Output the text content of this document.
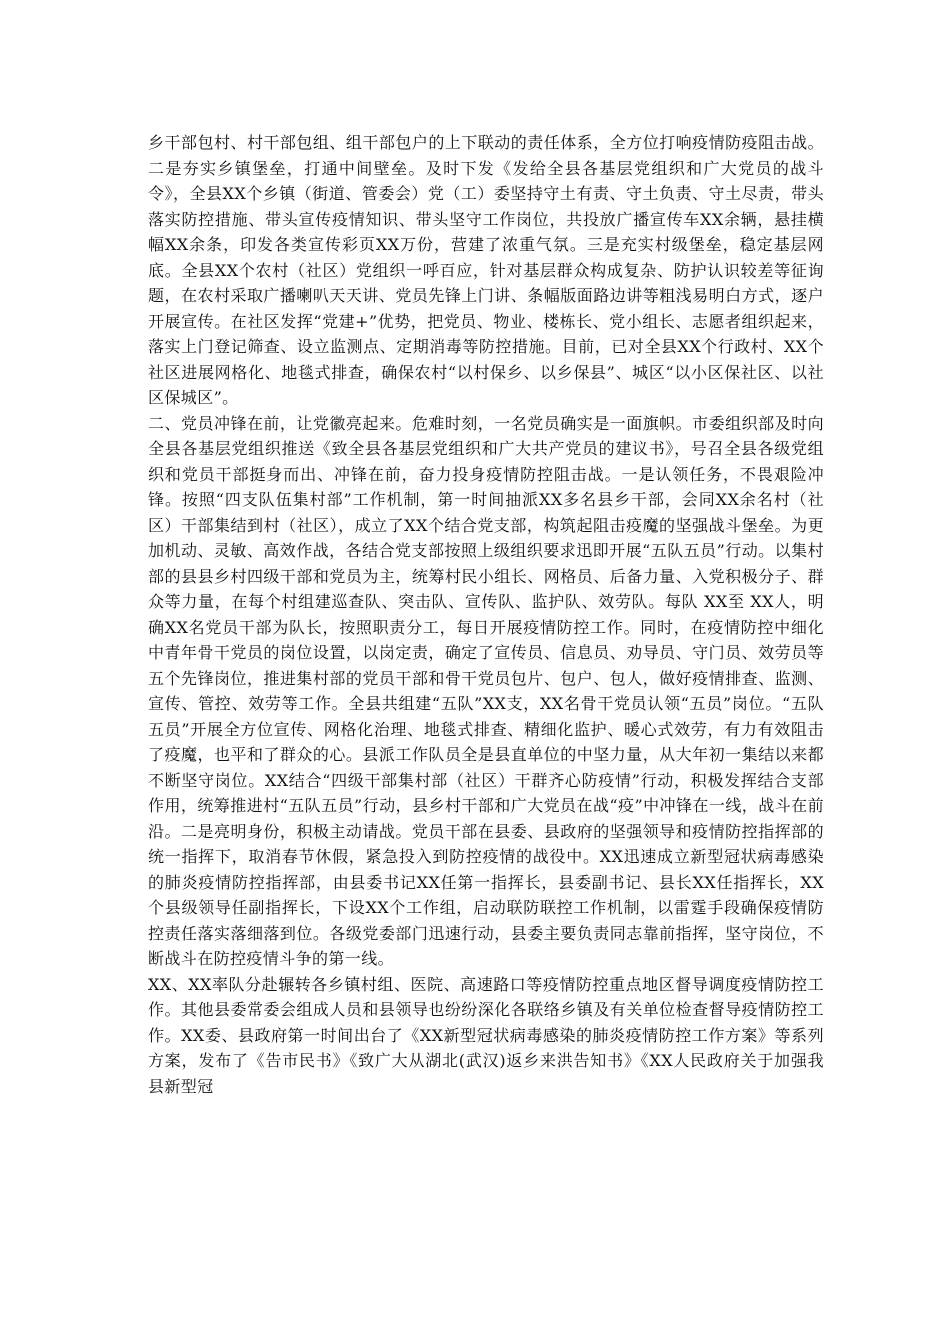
乡干部包村、村干部包组、组干部包户的上下联动的责任体系，全方位打响疫情防疫阻击战。二是夯实乡镇堡垒，打通中间壁垒。及时下发《发给全县各基层党组织和广大党员的战斗令》，全县XX个乡镇（街道、管委会）党（工）委坚持守土有责、守土负责、守土尽责，带头落实防控措施、带头宣传疫情知识、带头坚守工作岗位，共投放广播宣传车XX余辆，悬挂横幅XX余条，印发各类宣传彩页XX万份，营建了浓重气氛。三是充实村级堡垒，稳定基层网底。全县XX个农村（社区）党组织一呼百应，针对基层群众构成复杂、防护认识较差等征询题，在农村采取广播喇叭天天讲、党员先锋上门讲、条幅版面路边讲等粗浅易明白方式，逐户开展宣传。在社区发挥“党建+”优势，把党员、物业、楼栋长、党小组长、志愿者组织起来，落实上门登记筛查、设立监测点、定期消毒等防控措施。目前，已对全县XX个行政村、XX个社区进展网格化、地毯式排查，确保农村“以村保乡、以乡保县”、城区“以小区保社区、以社区保城区”。

二、党员冲锋在前，让党徽亮起来。危难时刻，一名党员确实是一面旗帜。市委组织部及时向全县各基层党组织推送《致全县各基层党组织和广大共产党员的建议书》，号召全县各级党组织和党员干部挺身而出、冲锋在前，奋力投身疫情防控阻击战。一是认领任务，不畏艰险冲锋。按照“四支队伍集村部”工作机制，第一时间抽派XX多名县乡干部，会同XX余名村（社区）干部集结到村（社区），成立了XX个结合党支部，构筑起阻击疫魔的坚强战斗堡垒。为更加机动、灵敏、高效作战，各结合党支部按照上级组织要求迅即开展“五队五员”行动。以集村部的县县乡村四级干部和党员为主，统筹村民小组长、网格员、后备力量、入党积极分子、群众等力量，在每个村组建巡查队、突击队、宣传队、监护队、效劳队。每队 XX至 XX人，明确XX名党员干部为队长，按照职责分工，每日开展疫情防控工作。同时，在疫情防控中细化中青年骨干党员的岗位设置，以岗定责，确定了宣传员、信息员、劝导员、守门员、效劳员等五个先锋岗位，推进集村部的党员干部和骨干党员包片、包户、包人，做好疫情排查、监测、宣传、管控、效劳等工作。全县共组建“五队”XX支，XX名骨干党员认领“五员”岗位。“五队五员”开展全方位宣传、网格化治理、地毯式排查、精细化监护、暖心式效劳，有力有效阻击了疫魔，也平和了群众的心。县派工作队员全是县直单位的中坚力量，从大年初一集结以来都不断坚守岗位。XX结合“四级干部集村部（社区）干群齐心防疫情”行动，积极发挥结合支部作用，统筹推进村“五队五员”行动，县乡村干部和广大党员在战“疫”中冲锋在一线，战斗在前沿。二是亮明身份，积极主动请战。党员干部在县委、县政府的坚强领导和疫情防控指挥部的统一指挥下，取消春节休假，紧急投入到防控疫情的战役中。XX迅速成立新型冠状病毒感染的肺炎疫情防控指挥部，由县委书记XX任第一指挥长，县委副书记、县长XX任指挥长，XX个县级领导任副指挥长，下设XX个工作组，启动联防联控工作机制，以雷霆手段确保疫情防控责任落实落细落到位。各级党委部门迅速行动，县委主要负责同志靠前指挥，坚守岗位，不断战斗在防控疫情斗争的第一线。

XX、XX率队分赴辗转各乡镇村组、医院、高速路口等疫情防控重点地区督导调度疫情防控工作。其他县委常委会组成人员和县领导也纷纷深化各联络乡镇及有关单位检查督导疫情防控工作。XX委、县政府第一时间出台了《XX新型冠状病毒感染的肺炎疫情防控工作方案》等系列方案，发布了《告市民书》《致广大从湖北(武汉)返乡来洪告知书》《XX人民政府关于加强我县新型冠
